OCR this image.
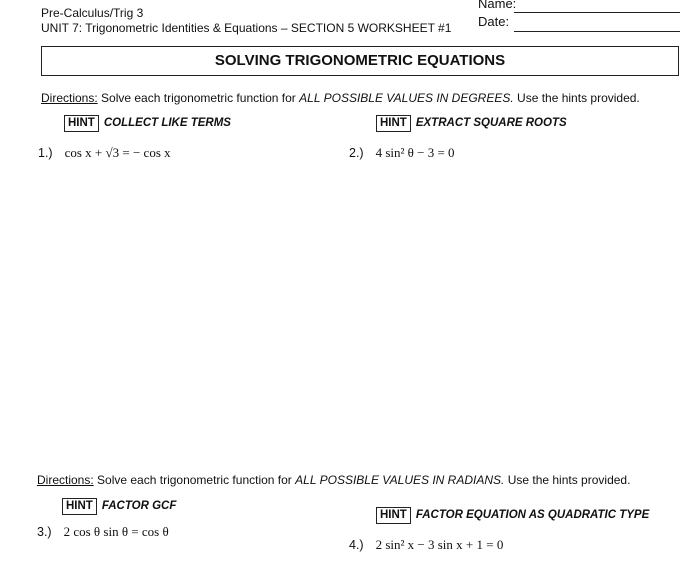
Pre-Calculus/Trig 3
UNIT 7: Trigonometric Identities & Equations – SECTION 5 WORKSHEET #1
Name:
Date:
SOLVING TRIGONOMETRIC EQUATIONS
Directions: Solve each trigonometric function for ALL POSSIBLE VALUES IN DEGREES. Use the hints provided.
HINT COLLECT LIKE TERMS	HINT EXTRACT SQUARE ROOTS
1.) cos x + √3 = − cos x	2.) 4 sin² θ − 3 = 0
Directions: Solve each trigonometric function for ALL POSSIBLE VALUES IN RADIANS. Use the hints provided.
HINT FACTOR GCF
HINT FACTOR EQUATION AS QUADRATIC TYPE
3.) 2 cos θ sin θ = cos θ
4.) 2 sin² x − 3 sin x + 1 = 0
